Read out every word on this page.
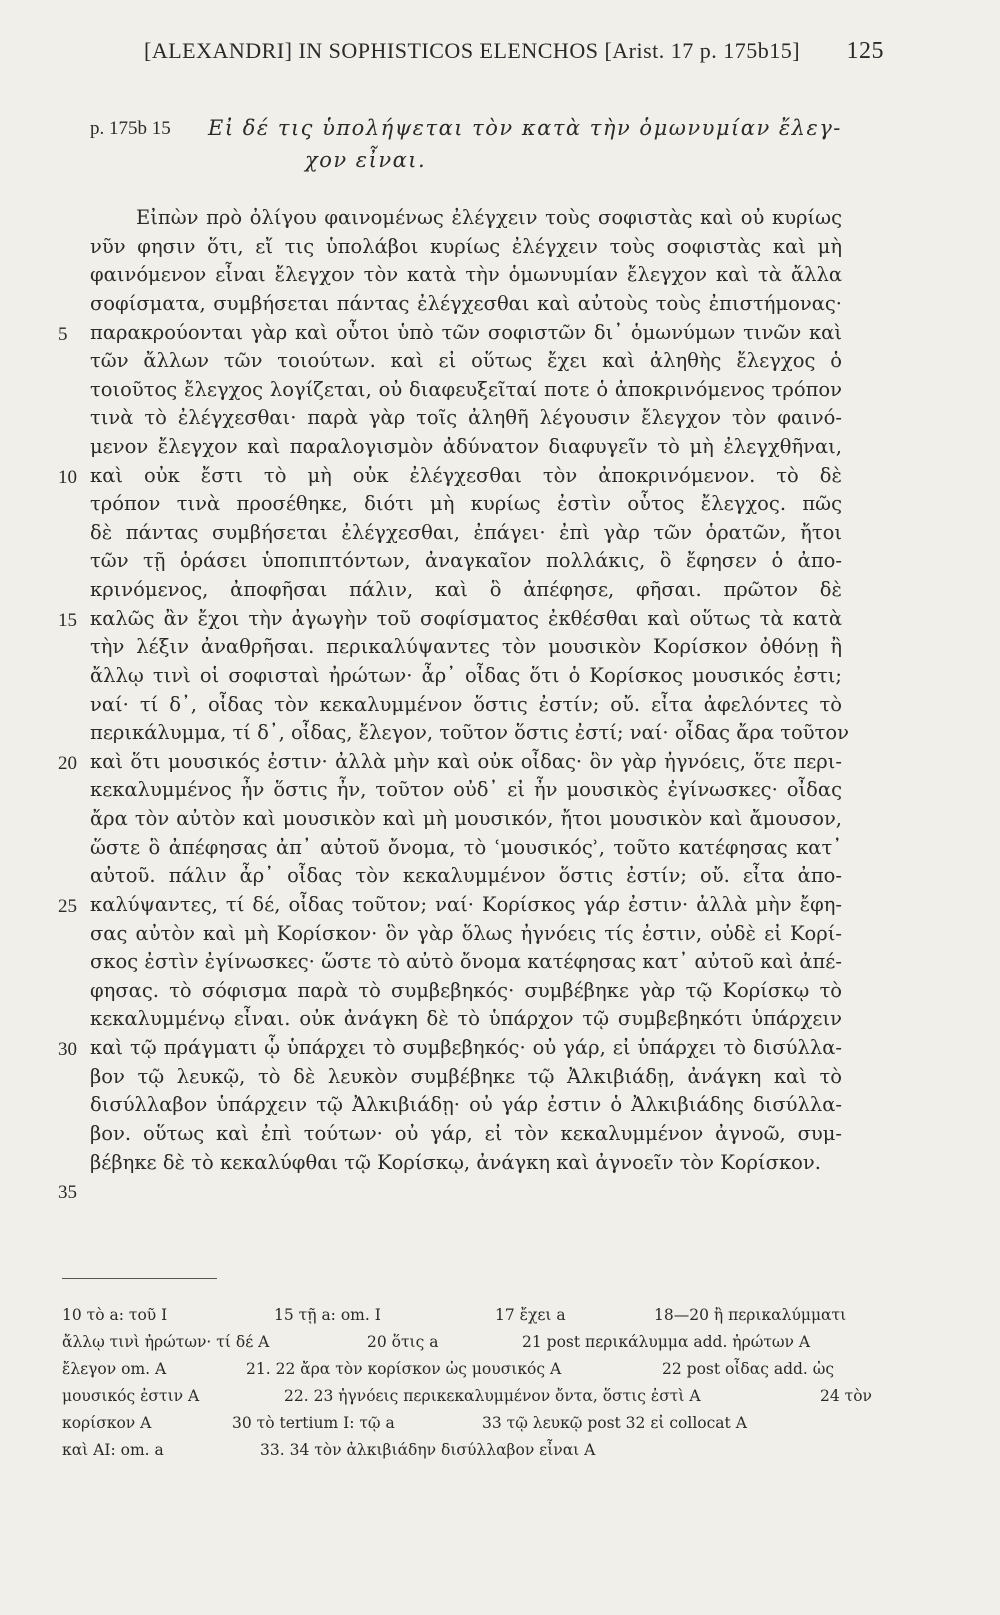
[ALEXANDRI] IN SOPHISTICOS ELENCHOS [Arist. 17 p. 175b15] 125
p. 175b 15 Εἰ δέ τις ὑπολήψεται τὸν κατὰ τὴν ὁμωνυμίαν ἔλεγ-
χον εἶναι.
Εἰπὼν πρὸ ὀλίγου φαινομένως ἐλέγχειν τοὺς σοφιστὰς καὶ οὐ κυρίως
νῦν φησιν ὅτι, εἴ τις ὑπολάβοι κυρίως ἐλέγχειν τοὺς σοφιστὰς καὶ μὴ
φαινόμενον εἶναι ἔλεγχον τὸν κατὰ τὴν ὁμωνυμίαν ἔλεγχον καὶ τὰ ἄλλα
σοφίσματα, συμβήσεται πάντας ἐλέγχεσθαι καὶ αὐτοὺς τοὺς ἐπιστήμονας·
παρακρούονται γὰρ καὶ οὗτοι ὑπὸ τῶν σοφιστῶν δι᾽ ὁμωνύμων τινῶν καὶ
τῶν ἄλλων τῶν τοιούτων. καὶ εἰ οὕτως ἔχει καὶ ἀληθὴς ἔλεγχος ὁ
τοιοῦτος ἔλεγχος λογίζεται, οὐ διαφευξεῖταί ποτε ὁ ἀποκρινόμενος τρόπον
τινὰ τὸ ἐλέγχεσθαι· παρὰ γὰρ τοῖς ἀληθῆ λέγουσιν ἔλεγχον τὸν φαινό-
μενον ἔλεγχον καὶ παραλογισμὸν ἀδύνατον διαφυγεῖν τὸ μὴ ἐλεγχθῆναι,
καὶ οὐκ ἔστι τὸ μὴ οὐκ ἐλέγχεσθαι τὸν ἀποκρινόμενον. τὸ δὲ
τρόπον τινὰ προσέθηκε, διότι μὴ κυρίως ἐστὶν οὗτος ἔλεγχος. πῶς
δὲ πάντας συμβήσεται ἐλέγχεσθαι, ἐπάγει· ἐπὶ γὰρ τῶν ὁρατῶν, ἤτοι
τῶν τῇ ὁράσει ὑποπιπτόντων, ἀναγκαῖον πολλάκις, ὃ ἔφησεν ὁ ἀπο-
κρινόμενος, ἀποφῆσαι πάλιν, καὶ ὃ ἀπέφησε, φῆσαι. πρῶτον δὲ
καλῶς ἂν ἔχοι τὴν ἀγωγὴν τοῦ σοφίσματος ἐκθέσθαι καὶ οὕτως τὰ κατὰ
τὴν λέξιν ἀναθρῆσαι. περικαλύψαντες τὸν μουσικὸν Κορίσκον ὀθόνῃ ἢ
ἄλλῳ τινὶ οἱ σοφισταὶ ἠρώτων· ἆρ᾽ οἶδας ὅτι ὁ Κορίσκος μουσικός ἐστι;
ναί· τί δ᾽, οἶδας τὸν κεκαλυμμένον ὅστις ἐστίν; οὔ. εἶτα ἀφελόντες τὸ
περικάλυμμα, τί δ᾽, οἶδας, ἔλεγον, τοῦτον ὅστις ἐστί; ναί· οἶδας ἄρα τοῦτον
καὶ ὅτι μουσικός ἐστιν· ἀλλὰ μὴν καὶ οὐκ οἶδας· ὃν γὰρ ἠγνόεις, ὅτε περι-
κεκαλυμμένος ἦν ὅστις ἦν, τοῦτον οὐδ᾽ εἰ ἦν μουσικὸς ἐγίνωσκες· οἶδας
ἄρα τὸν αὐτὸν καὶ μουσικὸν καὶ μὴ μουσικόν, ἤτοι μουσικὸν καὶ ἄμουσον,
ὥστε ὃ ἀπέφησας ἀπ᾽ αὐτοῦ ὄνομα, τὸ ʿμουσικόςʾ, τοῦτο κατέφησας κατ᾽
αὐτοῦ. πάλιν ἆρ᾽ οἶδας τὸν κεκαλυμμένον ὅστις ἐστίν; οὔ. εἶτα ἀπο-
καλύψαντες, τί δέ, οἶδας τοῦτον; ναί· Κορίσκος γάρ ἐστιν· ἀλλὰ μὴν ἔφη-
σας αὐτὸν καὶ μὴ Κορίσκον· ὃν γὰρ ὅλως ἠγνόεις τίς ἐστιν, οὐδὲ εἰ Κορί-
σκος ἐστὶν ἐγίνωσκες· ὥστε τὸ αὐτὸ ὄνομα κατέφησας κατ᾽ αὐτοῦ καὶ ἀπέ-
φησας. τὸ σόφισμα παρὰ τὸ συμβεβηκός· συμβέβηκε γὰρ τῷ Κορίσκῳ τὸ
κεκαλυμμένῳ εἶναι. οὐκ ἀνάγκη δὲ τὸ ὑπάρχον τῷ συμβεβηκότι ὑπάρχειν
καὶ τῷ πράγματι ᾧ ὑπάρχει τὸ συμβεβηκός· οὐ γάρ, εἰ ὑπάρχει τὸ δισύλλα-
βον τῷ λευκῷ, τὸ δὲ λευκὸν συμβέβηκε τῷ Ἀλκιβιάδῃ, ἀνάγκη καὶ τὸ
δισύλλαβον ὑπάρχειν τῷ Ἀλκιβιάδῃ· οὐ γάρ ἐστιν ὁ Ἀλκιβιάδης δισύλλα-
βον. οὕτως καὶ ἐπὶ τούτων· οὐ γάρ, εἰ τὸν κεκαλυμμένον ἀγνοῶ, συμ-
βέβηκε δὲ τὸ κεκαλύφθαι τῷ Κορίσκῳ, ἀνάγκη καὶ ἀγνοεῖν τὸν Κορίσκον.
5
10
15
20
25
30
35
10 τὸ a: τοῦ I	15 τῇ a: om. I	17 ἔχει a	18—20 ἢ περικαλύμματι
ἄλλῳ τινὶ ἠρώτων· τί δέ A	20 ὅτις a	21 post περικάλυμμα add. ἠρώτων A
ἔλεγον om. A	21. 22 ἄρα τὸν κορίσκον ὡς μουσικός A	22 post οἶδας add. ὡς
μουσικός ἐστιν A	22. 23 ἠγνόεις περικεκαλυμμένον ὄντα, ὅστις ἐστὶ A	24 τὸν
κορίσκον A	30 τὸ tertium I: τῷ a	33 τῷ λευκῷ post 32 εἰ collocat A
καὶ AI: om. a	33. 34 τὸν ἀλκιβιάδην δισύλλαβον εἶναι A
